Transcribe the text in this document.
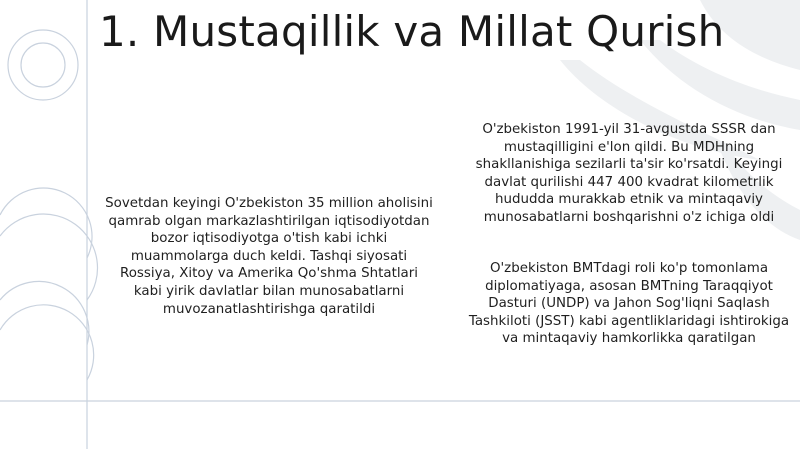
1. Mustaqillik va Millat Qurish
Sovetdan keyingi O'zbekiston 35 million aholisini qamrab olgan markazlashtirilgan iqtisodiyotdan bozor iqtisodiyotga o'tish kabi ichki muammolarga duch keldi. Tashqi siyosati Rossiya, Xitoy va Amerika Qo'shma Shtatlari kabi yirik davlatlar bilan munosabatlarni muvozanatlashtirishga qaratildi
O'zbekiston 1991-yil 31-avgustda SSSR dan mustaqilligini e'lon qildi. Bu MDHning shakllanishiga sezilarli ta'sir ko'rsatdi. Keyingi davlat qurilishi 447 400 kvadrat kilometrlik hududda murakkab etnik va mintaqaviy munosabatlarni boshqarishni o'z ichiga oldi
O'zbekiston BMTdagi roli ko'p tomonlama diplomatiyaga, asosan BMTning Taraqqiyot Dasturi (UNDP) va Jahon Sog'liqni Saqlash Tashkiloti (JSST) kabi agentliklaridagi ishtirokiga va mintaqaviy hamkorlikka qaratilgan
